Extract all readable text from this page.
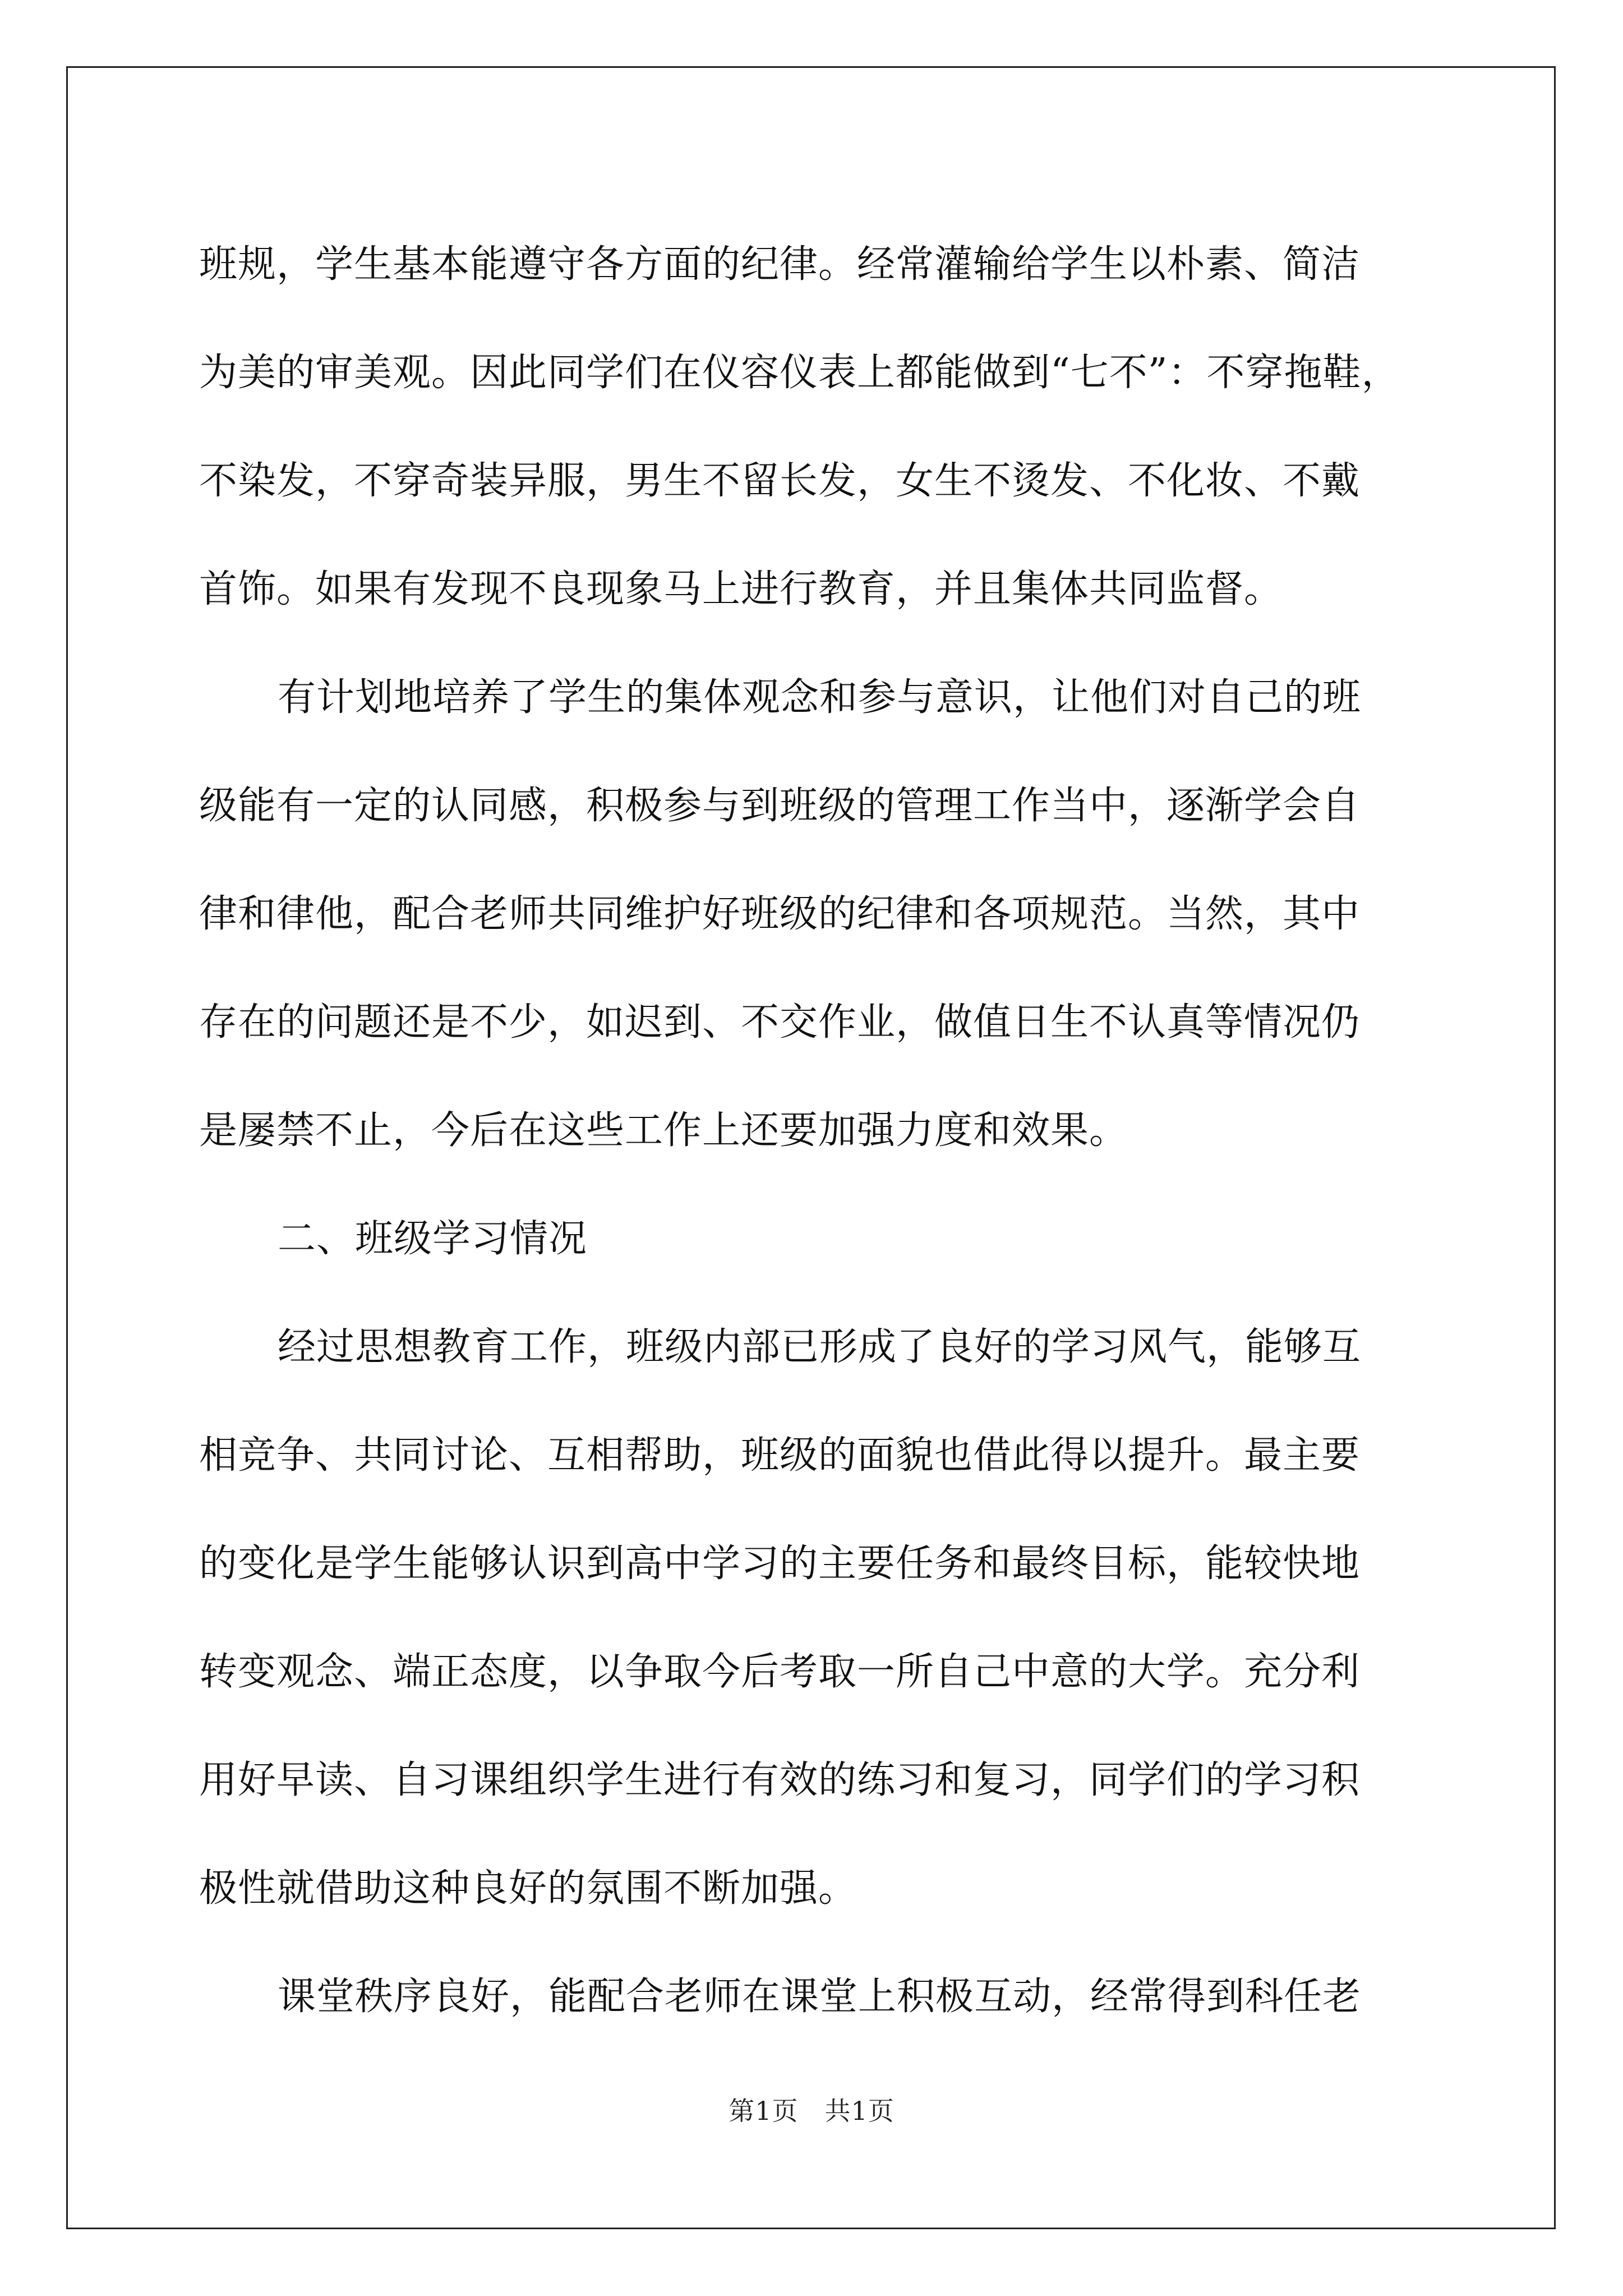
班规，学生基本能遵守各方面的纪律。经常灌输给学生以朴素、简洁
为美的审美观。因此同学们在仪容仪表上都能做到“七不”：不穿拖鞋，
不染发，不穿奇装异服，男生不留长发，女生不烫发、不化妆、不戴
首饰。如果有发现不良现象马上进行教育，并且集体共同监督。
有计划地培养了学生的集体观念和参与意识，让他们对自己的班
级能有一定的认同感，积极参与到班级的管理工作当中，逐渐学会自
律和律他，配合老师共同维护好班级的纪律和各项规范。当然，其中
存在的问题还是不少，如迟到、不交作业，做值日生不认真等情况仍
是屡禁不止，今后在这些工作上还要加强力度和效果。
二、班级学习情况
经过思想教育工作，班级内部已形成了良好的学习风气，能够互
相竞争、共同讨论、互相帮助，班级的面貌也借此得以提升。最主要
的变化是学生能够认识到高中学习的主要任务和最终目标，能较快地
转变观念、端正态度，以争取今后考取一所自己中意的大学。充分利
用好早读、自习课组织学生进行有效的练习和复习，同学们的学习积
极性就借助这种良好的氛围不断加强。
课堂秩序良好，能配合老师在课堂上积极互动，经常得到科任老
第1页　共1页
